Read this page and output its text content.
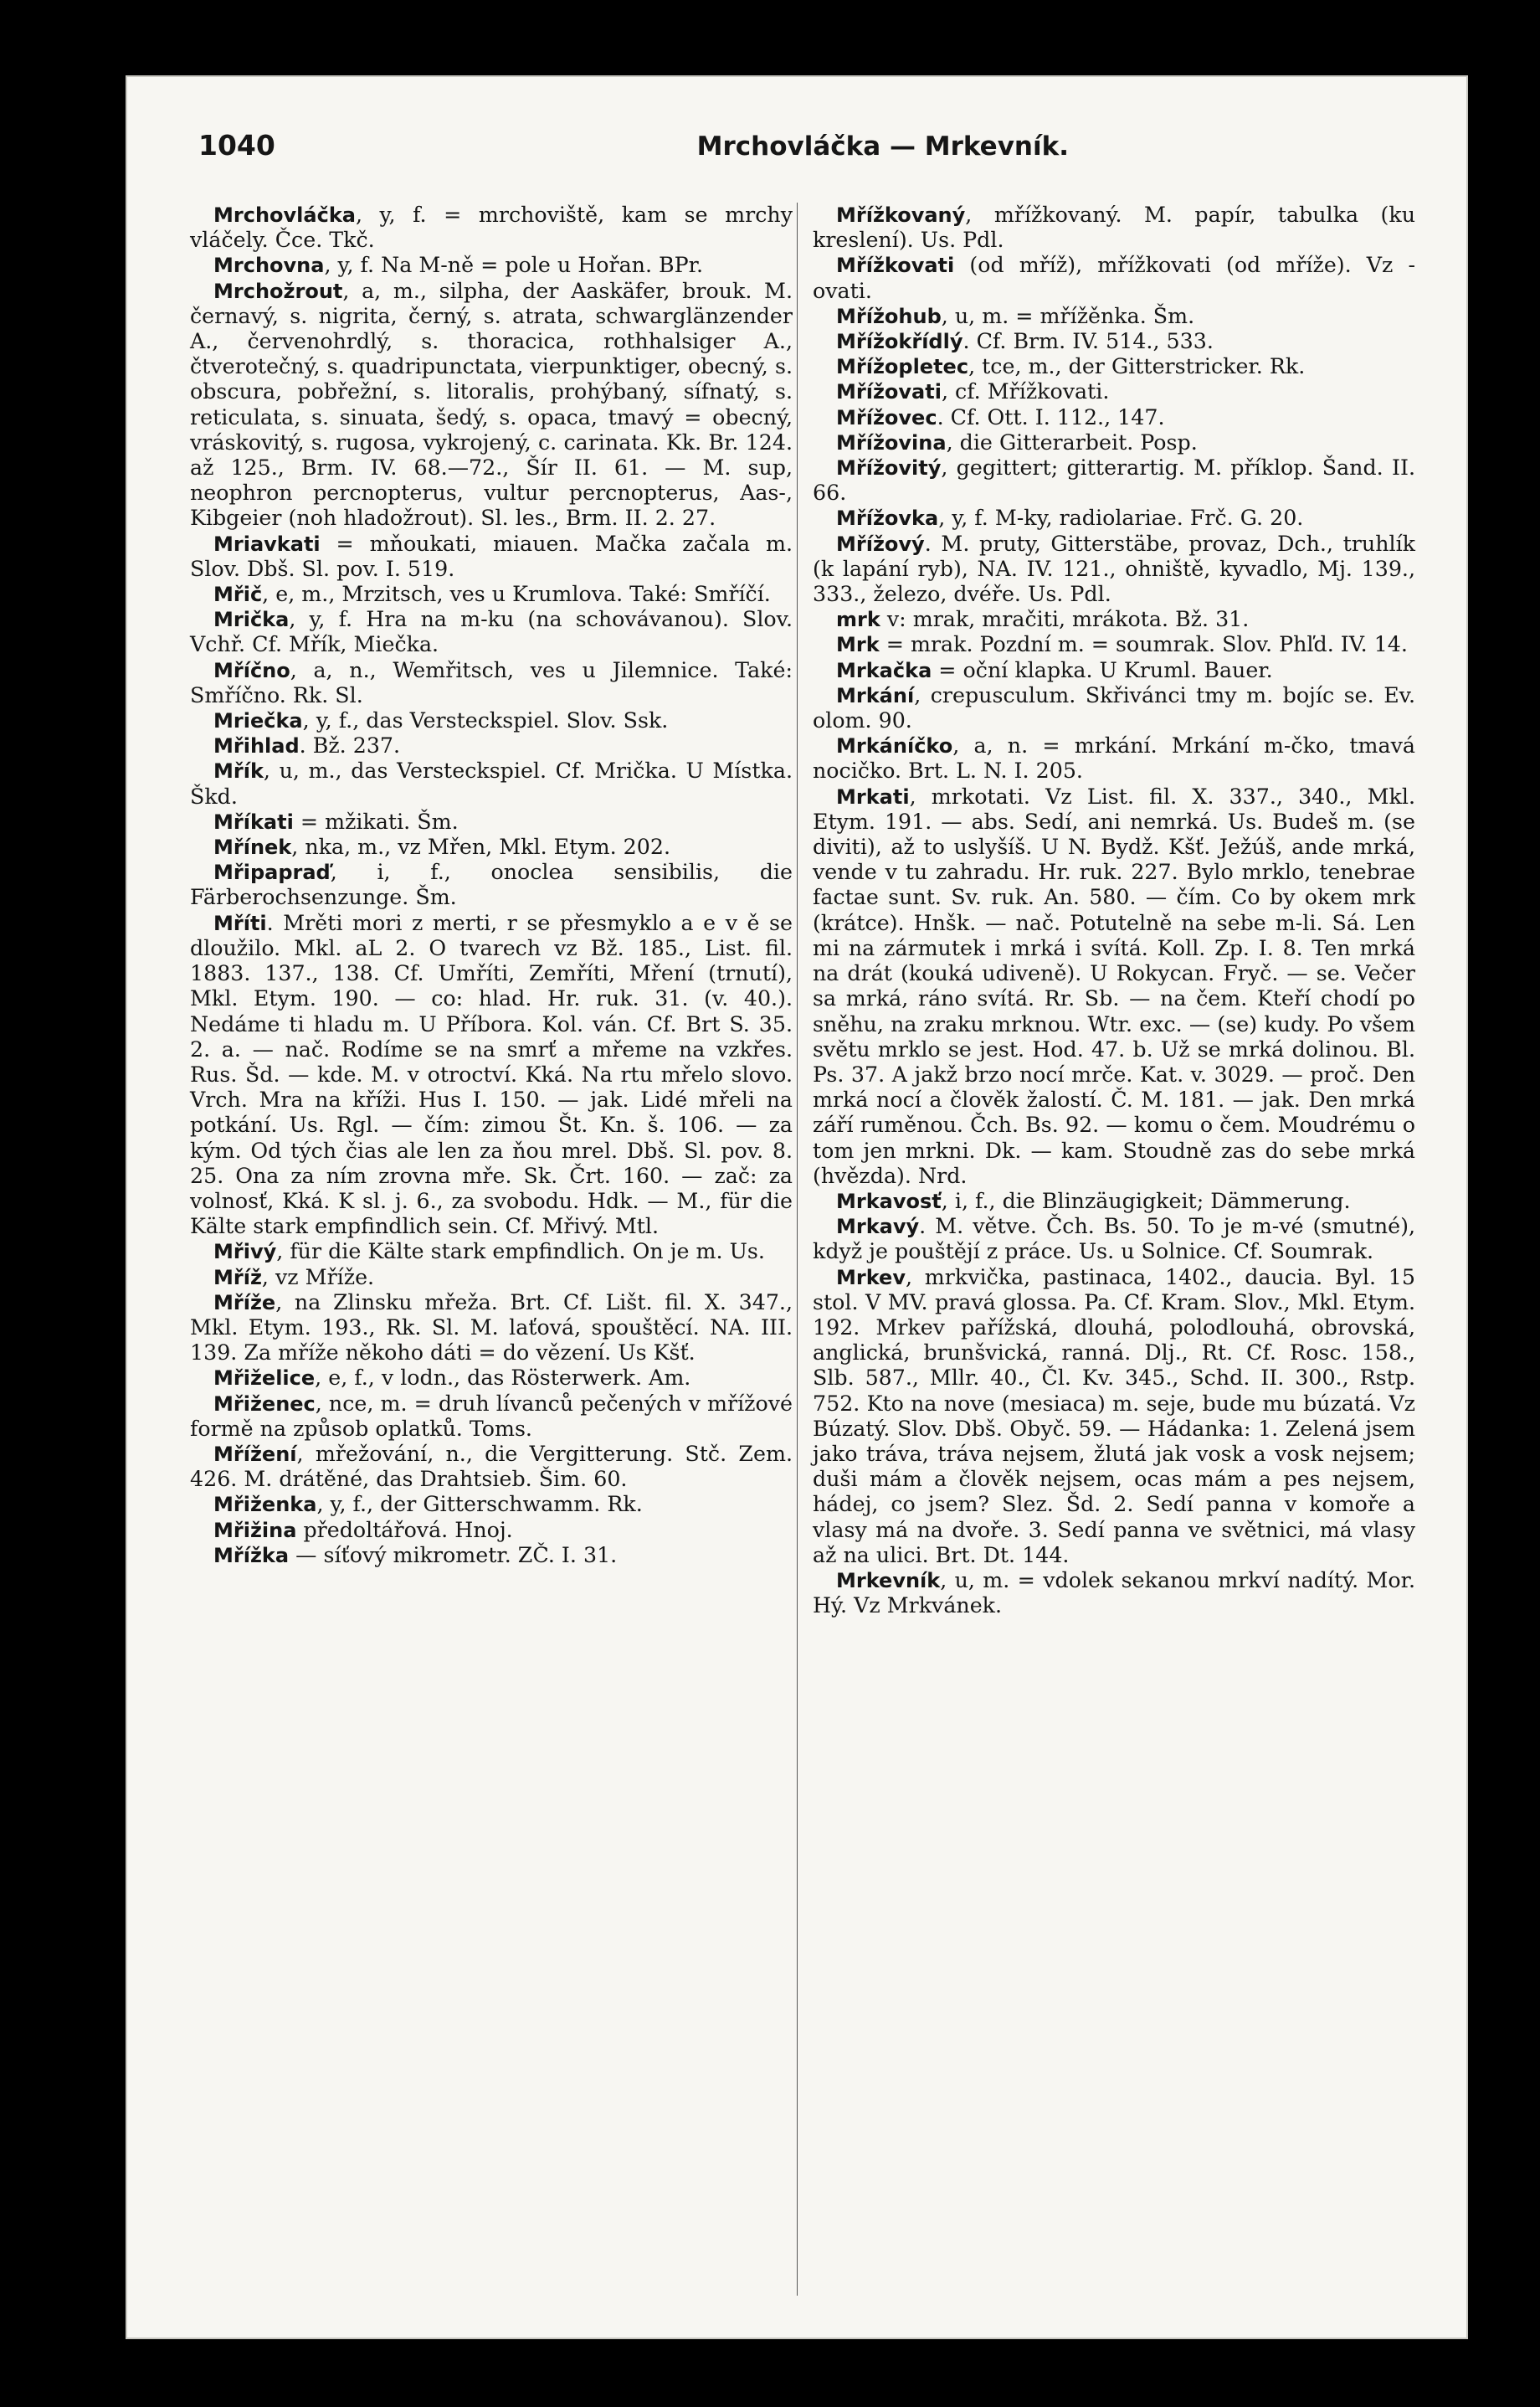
1040	Mrchovláčka — Mrkevník.

Mrchovláčka, y, f. = mrchoviště, kam se mrchy vláčely. Čce. Tkč.

Mrchovna, y, f. Na M-ně = pole u Hořan. BPr.

Mrchožrout, a, m., silpha, der Aaskäfer, brouk. M. černavý, s. nigrita, černý, s. atrata, schwarglänzender A., červenohrdlý, s. thoracica, rothhalsiger A., čtverotečný, s. quadripunctata, vierpunktiger, obecný, s. obscura, pobřežní, s. litoralis, prohýbaný, sífnatý, s. reticulata, s. sinuata, šedý, s. opaca, tmavý = obecný, vráskovitý, s. rugosa, vykrojený, c. carinata. Kk. Br. 124. až 125., Brm. IV. 68.—72., Šír II. 61. — M. sup, neophron percnopterus, vultur percnopterus, Aas-, Kibgeier (noh hladožrout). Sl. les., Brm. II. 2. 27.

Mriavkati = mňoukati, miauen. Mačka začala m. Slov. Dbš. Sl. pov. I. 519.

Mřič, e, m., Mrzitsch, ves u Krumlova. Také: Smříčí.

Mrička, y, f. Hra na m-ku (na schovávanou). Slov. Vchř. Cf. Mřík, Miečka.

Mříčno, a, n., Wemřitsch, ves u Jilemnice. Také: Smříčno. Rk. Sl.

Mriečka, y, f., das Versteckspiel. Slov. Ssk.

Mřihlad. Bž. 237.

Mřík, u, m., das Versteckspiel. Cf. Mrička. U Místka. Škd.

Mříkati = mžikati. Šm.

Mřínek, nka, m., vz Mřen, Mkl. Etym. 202.

Mřipapraď, i, f., onoclea sensibilis, die Färberochsenzunge. Šm.

Mříti. Mrěti mori z merti, r se přesmyklo a e v ě se dloužilo. Mkl. aL 2. O tvarech vz Bž. 185., List. fil. 1883. 137., 138. Cf. Umříti, Zemříti, Mření (trnutí), Mkl. Etym. 190. — co: hlad. Hr. ruk. 31. (v. 40.). Nedáme ti hladu m. U Příbora. Kol. ván. Cf. Brt S. 35. 2. a. — nač. Rodíme se na smrť a mřeme na vzkřes. Rus. Šd. — kde. M. v otroctví. Kká. Na rtu mřelo slovo. Vrch. Mra na kříži. Hus I. 150. — jak. Lidé mřeli na potkání. Us. Rgl. — čím: zimou Št. Kn. š. 106. — za kým. Od tých čias ale len za ňou mrel. Dbš. Sl. pov. 8. 25. Ona za ním zrovna mře. Sk. Črt. 160. — zač: za volnosť, Kká. K sl. j. 6., za svobodu. Hdk. — M., für die Kälte stark empfindlich sein. Cf. Mřivý. Mtl.

Mřivý, für die Kälte stark empfindlich. On je m. Us.

Mříž, vz Mříže.

Mříže, na Zlinsku mřeža. Brt. Cf. Lišt. fil. X. 347., Mkl. Etym. 193., Rk. Sl. M. laťová, spouštěcí. NA. III. 139. Za mříže někoho dáti = do vězení. Us Kšť.

Mřiželice, e, f., v lodn., das Rösterwerk. Am.

Mřiženec, nce, m. = druh lívanců pečených v mřížové formě na způsob oplatků. Toms.

Mřížení, mřežování, n., die Vergitterung. Stč. Zem. 426. M. drátěné, das Drahtsieb. Šim. 60.

Mřiženka, y, f., der Gitterschwamm. Rk.

Mřižina předoltářová. Hnoj.

Mřížka — síťový mikrometr. ZČ. I. 31.

Mřížkovaný, mřížkovaný. M. papír, tabulka (ku kreslení). Us. Pdl.

Mřížkovati (od mříž), mřížkovati (od mříže). Vz -ovati.

Mřížohub, u, m. = mřížěnka. Šm.

Mřížokřídlý. Cf. Brm. IV. 514., 533.

Mřížopletec, tce, m., der Gitterstricker. Rk.

Mřížovati, cf. Mřížkovati.

Mřížovec. Cf. Ott. I. 112., 147.

Mřížovina, die Gitterarbeit. Posp.

Mřížovitý, gegittert; gitterartig. M. příklop. Šand. II. 66.

Mřížovka, y, f. M-ky, radiolariae. Frč. G. 20.

Mřížový. M. pruty, Gitterstäbe, provaz, Dch., truhlík (k lapání ryb), NA. IV. 121., ohniště, kyvadlo, Mj. 139., 333., železo, dvéře. Us. Pdl.

mrk v: mrak, mračiti, mrákota. Bž. 31.

Mrk = mrak. Pozdní m. = soumrak. Slov. Phľd. IV. 14.

Mrkačka = oční klapka. U Kruml. Bauer.

Mrkání, crepusculum. Skřivánci tmy m. bojíc se. Ev. olom. 90.

Mrkáníčko, a, n. = mrkání. Mrkání m-čko, tmavá nocičko. Brt. L. N. I. 205.

Mrkati, mrkotati. Vz List. fil. X. 337., 340., Mkl. Etym. 191. — abs. Sedí, ani nemrká. Us. Budeš m. (se diviti), až to uslyšíš. U N. Bydž. Kšť. Ježúš, ande mrká, vende v tu zahradu. Hr. ruk. 227. Bylo mrklo, tenebrae factae sunt. Sv. ruk. An. 580. — čím. Co by okem mrk (krátce). Hnšk. — nač. Potutelně na sebe m-li. Sá. Len mi na zármutek i mrká i svítá. Koll. Zp. I. 8. Ten mrká na drát (kouká udiveně). U Rokycan. Fryč. — se. Večer sa mrká, ráno svítá. Rr. Sb. — na čem. Kteří chodí po sněhu, na zraku mrknou. Wtr. exc. — (se) kudy. Po všem světu mrklo se jest. Hod. 47. b. Už se mrká dolinou. Bl. Ps. 37. A jakž brzo nocí mrče. Kat. v. 3029. — proč. Den mrká nocí a člověk žalostí. Č. M. 181. — jak. Den mrká září ruměnou. Čch. Bs. 92. — komu o čem. Moudrému o tom jen mrkni. Dk. — kam. Stoudně zas do sebe mrká (hvězda). Nrd.

Mrkavosť, i, f., die Blinzäugigkeit; Dämmerung.

Mrkavý. M. větve. Čch. Bs. 50. To je m-vé (smutné), když je pouštějí z práce. Us. u Solnice. Cf. Soumrak.

Mrkev, mrkvička, pastinaca, 1402., daucia. Byl. 15 stol. V MV. pravá glossa. Pa. Cf. Kram. Slov., Mkl. Etym. 192. Mrkev pařížská, dlouhá, polodlouhá, obrovská, anglická, brunšvická, ranná. Dlj., Rt. Cf. Rosc. 158., Slb. 587., Mllr. 40., Čl. Kv. 345., Schd. II. 300., Rstp. 752. Kto na nove (mesiaca) m. seje, bude mu búzatá. Vz Búzatý. Slov. Dbš. Obyč. 59. — Hádanka: 1. Zelená jsem jako tráva, tráva nejsem, žlutá jak vosk a vosk nejsem; duši mám a člověk nejsem, ocas mám a pes nejsem, hádej, co jsem? Slez. Šd. 2. Sedí panna v komoře a vlasy má na dvoře. 3. Sedí panna ve světnici, má vlasy až na ulici. Brt. Dt. 144.

Mrkevník, u, m. = vdolek sekanou mrkví nadítý. Mor. Hý. Vz Mrkvánek.
